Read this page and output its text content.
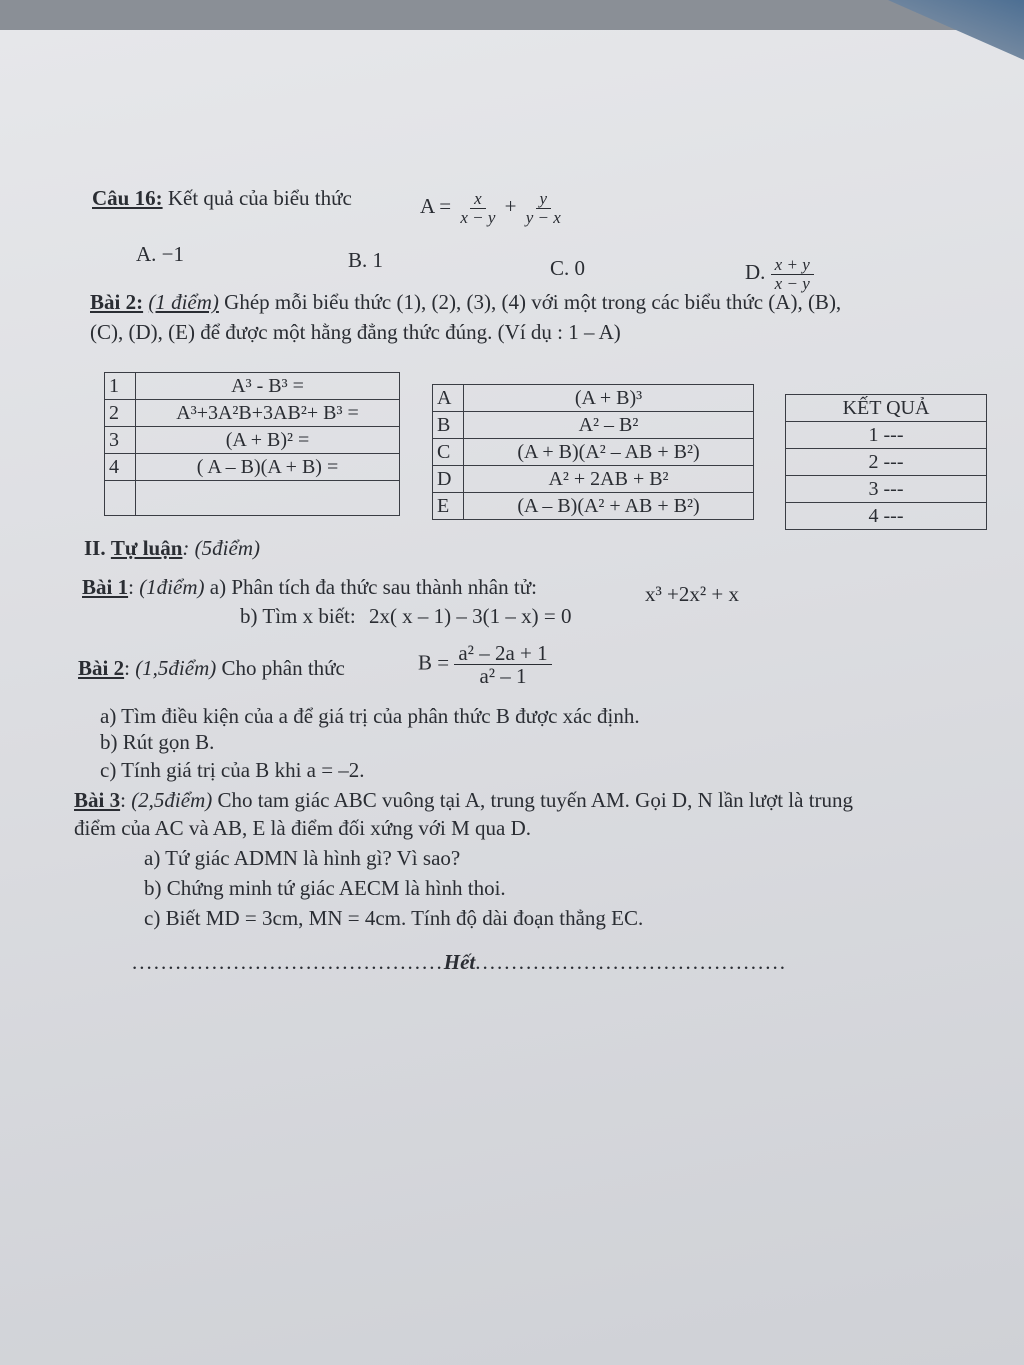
Câu 16: Kết quả của biểu thức	$A = \frac{x}{x - y} + \frac{y}{y - x}$
A. −1	B. 1	C. 0	D. $\frac{x + y}{x - y}$
Bài 2: (1 điểm) Ghép mỗi biểu thức (1), (2), (3), (4) với một trong các biểu thức (A), (B),
(C), (D), (E) để được một hằng đẳng thức đúng. (Ví dụ : 1 – A)
1	A³ - B³ =
2	A³+3A²B+3AB²+ B³ =
3	(A + B)² =
4	( A – B)(A + B) =

A	(A + B)³
B	A² – B²
C	(A + B)(A² – AB + B²)
D	A² + 2AB + B²
E	(A – B)(A² + AB + B²)
KẾT QUẢ
1 ---
2 ---
3 ---
4 ---
II. Tự luận: (5điểm)
Bài 1: (1điểm) a) Phân tích đa thức sau thành nhân tử:	x³ +2x² + x
b) Tìm x biết: 2x( x – 1) – 3(1 – x) = 0
Bài 2: (1,5điểm) Cho phân thức	$B = \frac{\text{a² – 2a + 1}}{\text{a² – 1}}$
a) Tìm điều kiện của a để giá trị của phân thức B được xác định.
b) Rút gọn B.
c) Tính giá trị của B khi a = –2.
Bài 3: (2,5điểm) Cho tam giác ABC vuông tại A, trung tuyến AM. Gọi D, N lần lượt là trung
điểm của AC và AB, E là điểm đối xứng với M qua D.
a) Tứ giác ADMN là hình gì? Vì sao?
b) Chứng minh tứ giác AECM là hình thoi.
c) Biết MD = 3cm, MN = 4cm. Tính độ dài đoạn thẳng EC.
...........................................Hết...........................................
